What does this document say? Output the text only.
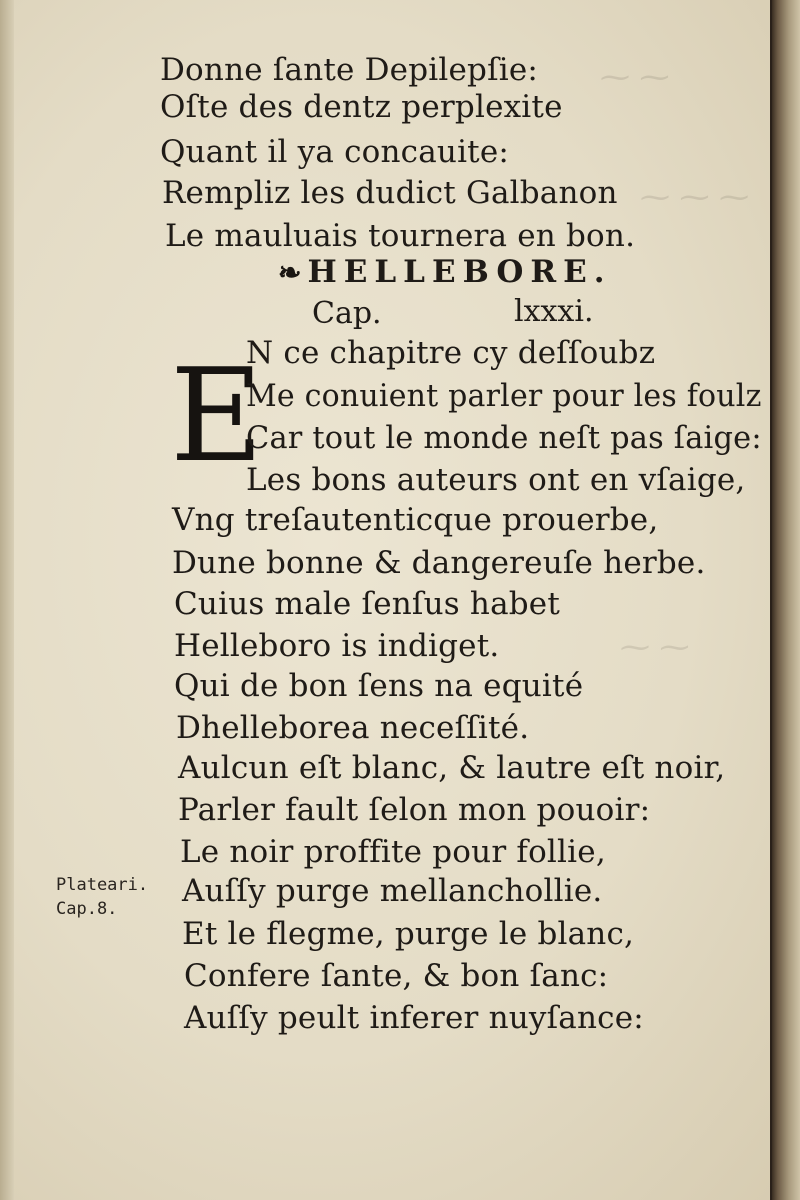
⁓ ⁓
⁓ ⁓ ⁓
⁓ ⁓
Donne ſante Depilepſie:
Oſte des dentz perplexite
Quant il ya concauite:
Rempliz les dudict Galbanon
Le mauluais tournera en bon.
❧ HELLEBORE.
Cap.	lxxxi.
E
N ce chapitre cy deſſoubz
Me conuient parler pour les foulz
Car tout le monde neſt pas ſaige:
Les bons auteurs ont en vſaige,
Vng treſautenticque prouerbe,
Dune bonne & dangereuſe herbe.
Cuius male ſenſus habet
Helleboro is indiget.
Qui de bon ſens na equité
Dhelleborea neceſſité.
Aulcun eſt blanc, & lautre eſt noir,
Parler fault ſelon mon pouoir:
Le noir proffite pour follie,
Auſſy purge mellanchollie.
Et le flegme, purge le blanc,
Confere ſante, & bon ſanc:
Auſſy peult inferer nuyſance:
Plateari.
Cap.8.
